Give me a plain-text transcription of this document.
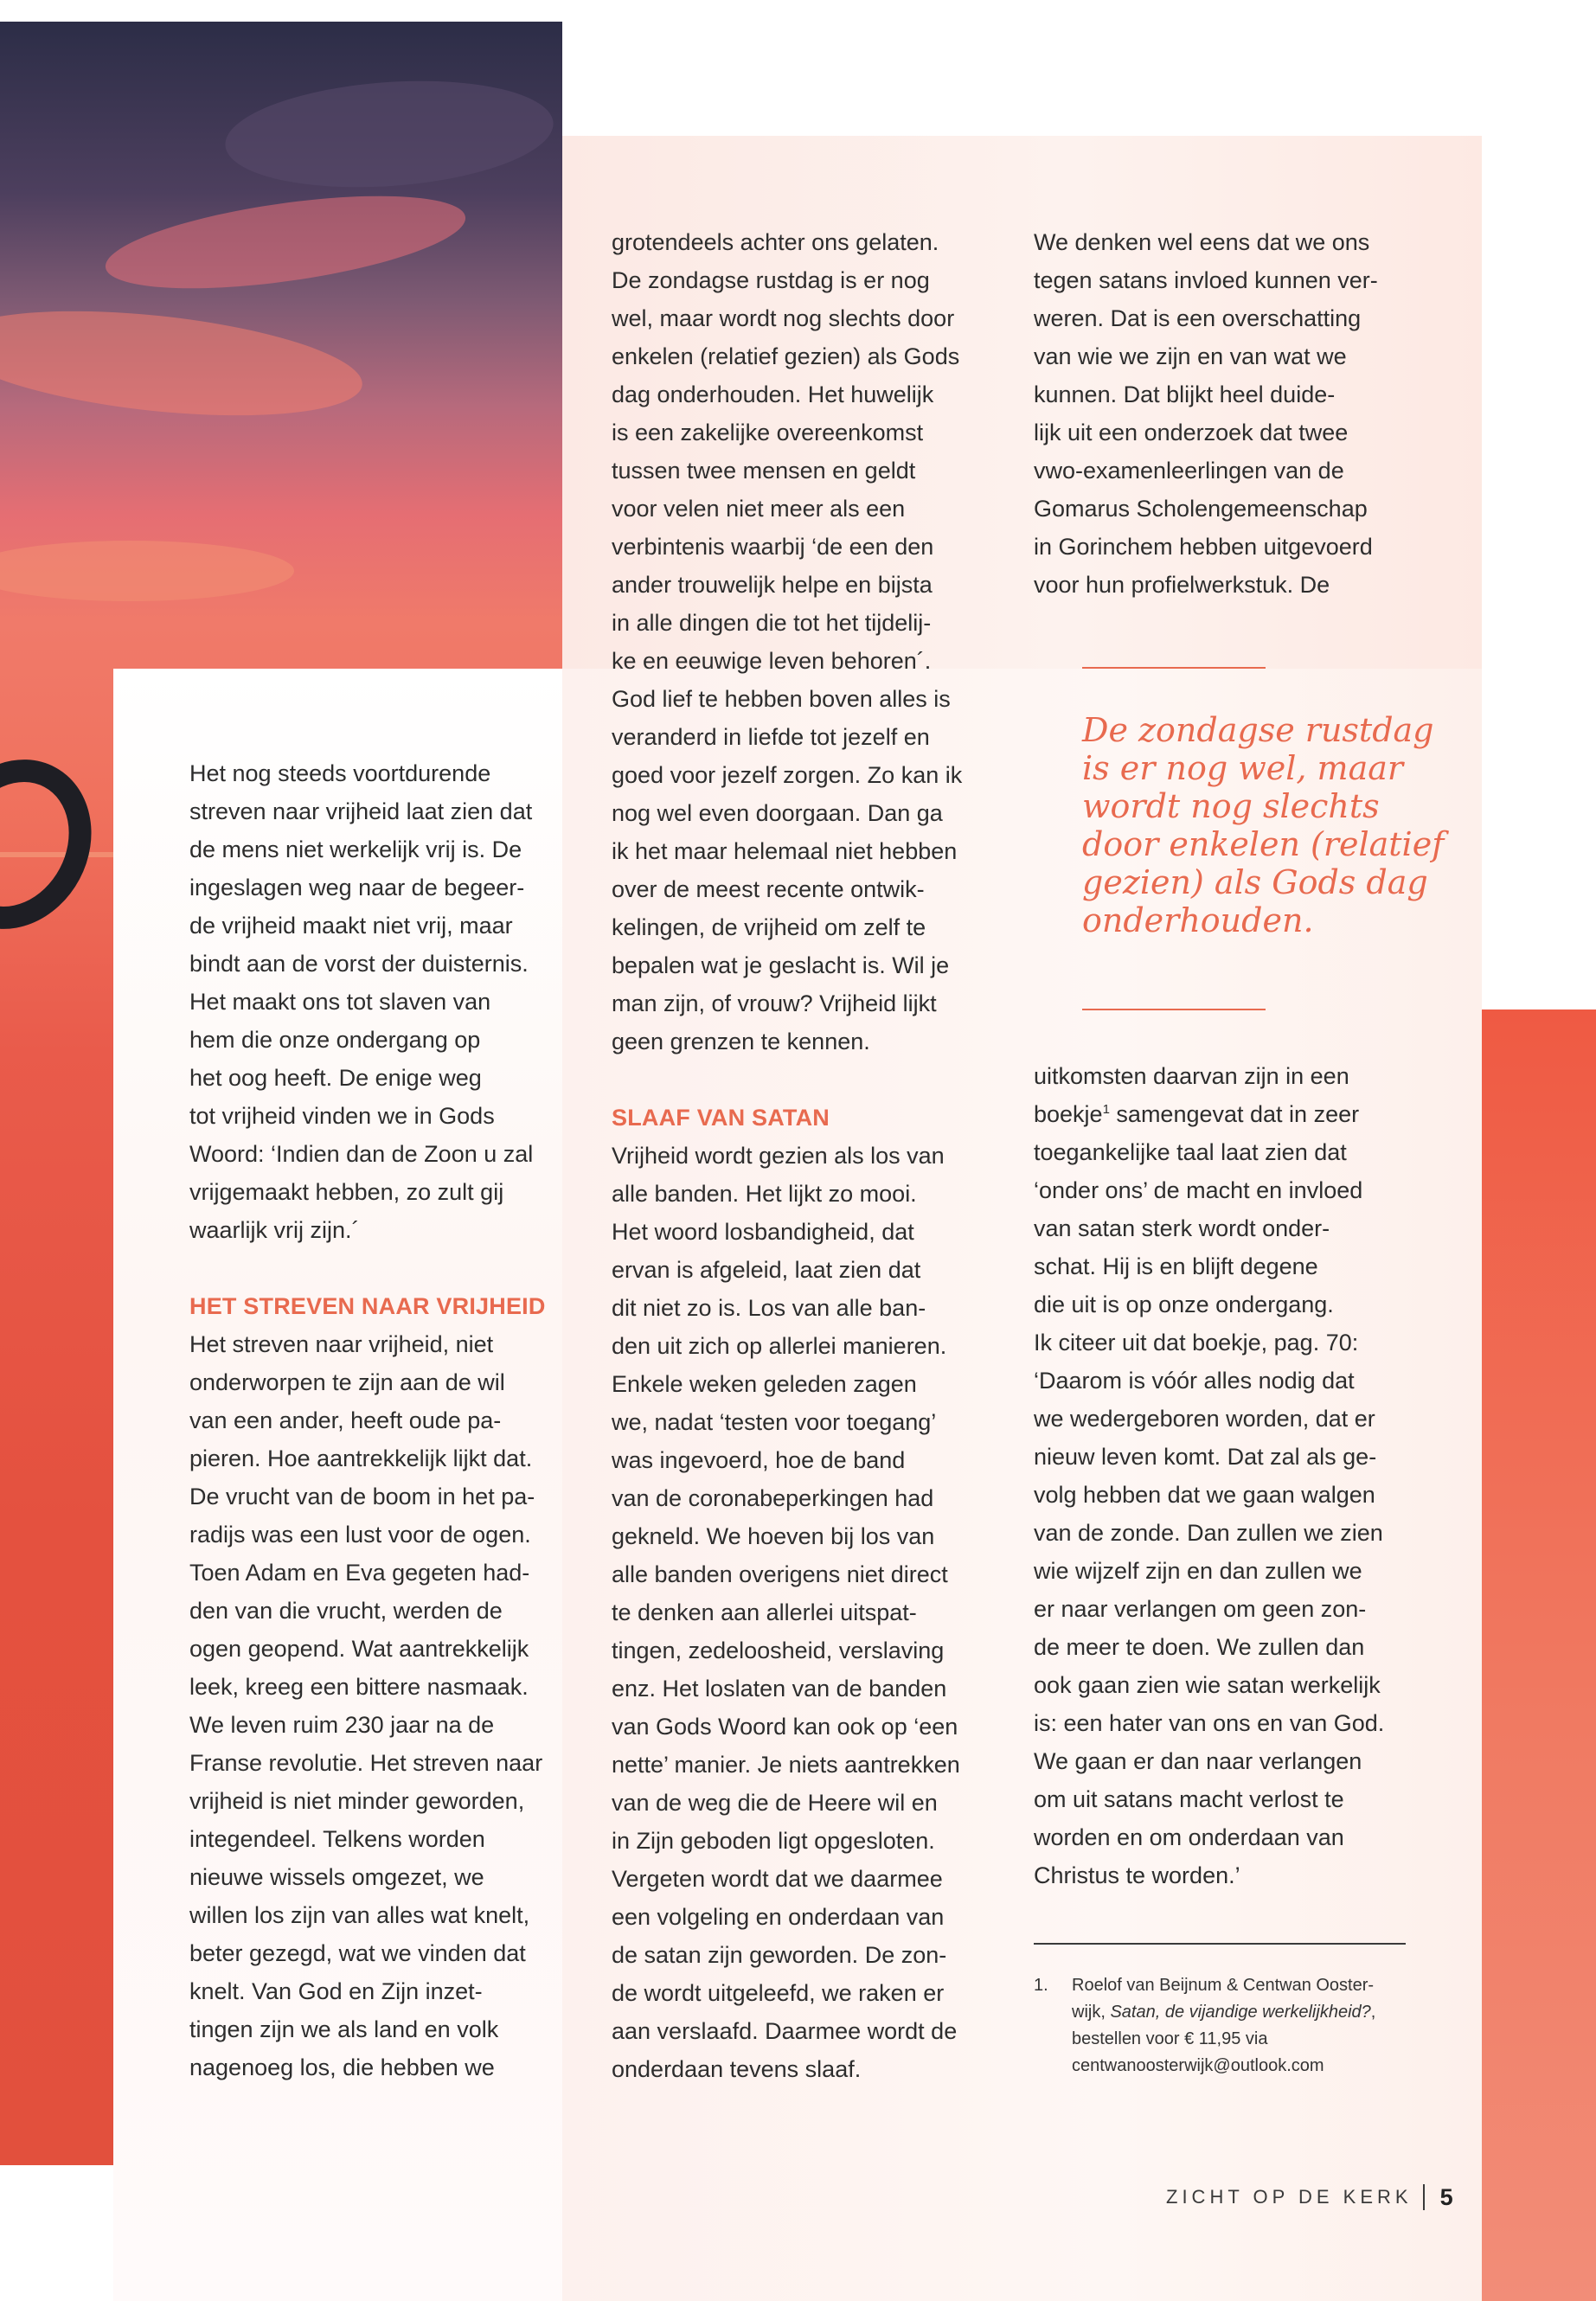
Het nog steeds voortdurende
streven naar vrijheid laat zien dat
de mens niet werkelijk vrij is. De
ingeslagen weg naar de begeer-
de vrijheid maakt niet vrij, maar
bindt aan de vorst der duisternis.
Het maakt ons tot slaven van
hem die onze ondergang op
het oog heeft. De enige weg
tot vrijheid vinden we in Gods
Woord: ‘Indien dan de Zoon u zal
vrijgemaakt hebben, zo zult gij
waarlijk vrij zijn.´

HET STREVEN NAAR VRIJHEID

Het streven naar vrijheid, niet
onderworpen te zijn aan de wil
van een ander, heeft oude pa-
pieren. Hoe aantrekkelijk lijkt dat.
De vrucht van de boom in het pa-
radijs was een lust voor de ogen.
Toen Adam en Eva gegeten had-
den van die vrucht, werden de
ogen geopend. Wat aantrekkelijk
leek, kreeg een bittere nasmaak.
We leven ruim 230 jaar na de
Franse revolutie. Het streven naar
vrijheid is niet minder geworden,
integendeel. Telkens worden
nieuwe wissels omgezet, we
willen los zijn van alles wat knelt,
beter gezegd, wat we vinden dat
knelt. Van God en Zijn inzet-
tingen zijn we als land en volk
nagenoeg los, die hebben we

grotendeels achter ons gelaten.
De zondagse rustdag is er nog
wel, maar wordt nog slechts door
enkelen (relatief gezien) als Gods
dag onderhouden. Het huwelijk
is een zakelijke overeenkomst
tussen twee mensen en geldt
voor velen niet meer als een
verbintenis waarbij ‘de een den
ander trouwelijk helpe en bijsta
in alle dingen die tot het tijdelij-
ke en eeuwige leven behoren´.
God lief te hebben boven alles is
veranderd in liefde tot jezelf en
goed voor jezelf zorgen. Zo kan ik
nog wel even doorgaan. Dan ga
ik het maar helemaal niet hebben
over de meest recente ontwik-
kelingen, de vrijheid om zelf te
bepalen wat je geslacht is. Wil je
man zijn, of vrouw? Vrijheid lijkt
geen grenzen te kennen.

SLAAF VAN SATAN

Vrijheid wordt gezien als los van
alle banden. Het lijkt zo mooi.
Het woord losbandigheid, dat
ervan is afgeleid, laat zien dat
dit niet zo is. Los van alle ban-
den uit zich op allerlei manieren.
Enkele weken geleden zagen
we, nadat ‘testen voor toegang’
was ingevoerd, hoe de band
van de coronabeperkingen had
gekneld. We hoeven bij los van
alle banden overigens niet direct
te denken aan allerlei uitspat-
tingen, zedeloosheid, verslaving
enz. Het loslaten van de banden
van Gods Woord kan ook op ‘een
nette’ manier. Je niets aantrekken
van de weg die de Heere wil en
in Zijn geboden ligt opgesloten.
Vergeten wordt dat we daarmee
een volgeling en onderdaan van
de satan zijn geworden. De zon-
de wordt uitgeleefd, we raken er
aan verslaafd. Daarmee wordt de
onderdaan tevens slaaf.

We denken wel eens dat we ons
tegen satans invloed kunnen ver-
weren. Dat is een overschatting
van wie we zijn en van wat we
kunnen. Dat blijkt heel duide-
lijk uit een onderzoek dat twee
vwo-examenleerlingen van de
Gomarus Scholengemeenschap
in Gorinchem hebben uitgevoerd
voor hun profielwerkstuk. De

De zondagse rustdag
is er nog wel, maar
wordt nog slechts
door enkelen (relatief
gezien) als Gods dag
onderhouden.

uitkomsten daarvan zijn in een
boekje$^1$ samengevat dat in zeer
toegankelijke taal laat zien dat
‘onder ons’ de macht en invloed
van satan sterk wordt onder-
schat. Hij is en blijft degene
die uit is op onze ondergang.
Ik citeer uit dat boekje, pag. 70:
‘Daarom is vóór alles nodig dat
we wedergeboren worden, dat er
nieuw leven komt. Dat zal als ge-
volg hebben dat we gaan walgen
van de zonde. Dan zullen we zien
wie wijzelf zijn en dan zullen we
er naar verlangen om geen zon-
de meer te doen. We zullen dan
ook gaan zien wie satan werkelijk
is: een hater van ons en van God.
We gaan er dan naar verlangen
om uit satans macht verlost te
worden en om onderdaan van
Christus te worden.’

1. Roelof van Beijnum & Centwan Ooster-
wijk, Satan, de vijandige werkelijkheid?,
bestellen voor € 11,95 via
centwanoosterwijk@outlook.com
ZICHT OP DE KERK 5
